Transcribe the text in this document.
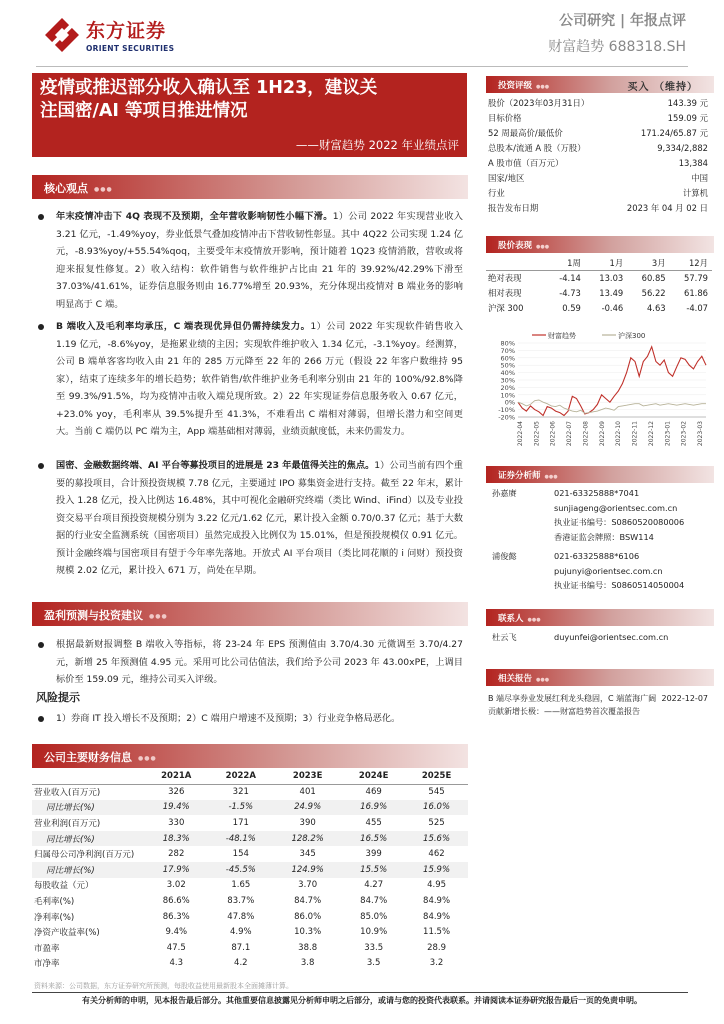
东方证券
ORIENT SECURITIES
公司研究 | 年报点评
财富趋势 688318.SH
疫情或推迟部分收入确认至 1H23，建议关
注国密/AI 等项目推进情况
——财富趋势 2022 年业绩点评
核心观点 ●●●
年末疫情冲击下 4Q 表现不及预期，全年营收影响韧性小幅下滑。1）公司 2022 年实现营业收入 3.21 亿元，-1.49%yoy，券业低景气叠加疫情冲击下营收韧性彰显。其中 4Q22 公司实现 1.24 亿元，-8.93%yoy/+55.54%qoq，主要受年末疫情放开影响，预计随着 1Q23 疫情消散，营收或将迎来报复性修复。2）收入结构：软件销售与软件维护占比由 21 年的 39.92%/42.29%下滑至 37.03%/41.61%，证券信息服务则由 16.77%增至 20.93%，充分体现出疫情对 B 端业务的影响明显高于 C 端。
B 端收入及毛利率均承压，C 端表现优异但仍需持续发力。1）公司 2022 年实现软件销售收入 1.19 亿元，-8.6%yoy，是拖累业绩的主因；实现软件维护收入 1.34 亿元，-3.1%yoy。经测算，公司 B 端单客客均收入由 21 年的 285 万元降至 22 年的 266 万元（假设 22 年客户数维持 95 家），结束了连续多年的增长趋势；软件销售/软件维护业务毛利率分别由 21 年的 100%/92.8%降至 99.3%/91.5%，均为疫情冲击收入端兑现所致。2）22 年实现证券信息服务收入 0.67 亿元，+23.0% yoy，毛利率从 39.5%提升至 41.3%，不难看出 C 端相对薄弱，但增长潜力和空间更大。当前 C 端仍以 PC 端为主，App 端基础相对薄弱，业绩贡献度低，未来仍需发力。
国密、金融数据终端、AI 平台等募投项目的进展是 23 年最值得关注的焦点。1）公司当前有四个重要的募投项目，合计预投资规模 7.78 亿元，主要通过 IPO 募集资金进行支持。截至 22 年末，累计投入 1.28 亿元，投入比例达 16.48%，其中可视化金融研究终端（类比 Wind、iFind）以及专业投资交易平台项目预投资规模分别为 3.22 亿元/1.62 亿元，累计投入金额 0.70/0.37 亿元；基于大数据的行业安全监测系统（国密项目）虽然完成投入比例仅为 15.01%，但是预投规模仅 0.91 亿元。预计金融终端与国密项目有望于今年率先落地。开放式 AI 平台项目（类比同花顺的 i 问财）预投资规模 2.02 亿元，累计投入 671 万，尚处在早期。
盈利预测与投资建议 ●●●
根据最新财报调整 B 端收入等指标，将 23-24 年 EPS 预测值由 3.70/4.30 元微调至 3.70/4.27 元，新增 25 年预测值 4.95 元。采用可比公司估值法，我们给予公司 2023 年 43.00xPE，上调目标价至 159.09 元，维持公司买入评级。
风险提示
1）券商 IT 投入增长不及预期；2）C 端用户增速不及预期；3）行业竞争格局恶化。
公司主要财务信息 ●●●
	2021A	2022A	2023E	2024E	2025E
营业收入(百万元)	326	321	401	469	545
同比增长(%)	19.4%	-1.5%	24.9%	16.9%	16.0%
营业利润(百万元)	330	171	390	455	525
同比增长(%)	18.3%	-48.1%	128.2%	16.5%	15.6%
归属母公司净利润(百万元)	282	154	345	399	462
同比增长(%)	17.9%	-45.5%	124.9%	15.5%	15.9%
每股收益（元）	3.02	1.65	3.70	4.27	4.95
毛利率(%)	86.6%	83.7%	84.7%	84.7%	84.9%
净利率(%)	86.3%	47.8%	86.0%	85.0%	84.9%
净资产收益率(%)	9.4%	4.9%	10.3%	10.9%	11.5%
市盈率	47.5	87.1	38.8	33.5	28.9
市净率	4.3	4.2	3.8	3.5	3.2
资料来源：公司数据，东方证券研究所预测，每股收益使用最新股本全面摊薄计算。
有关分析师的申明，见本报告最后部分。其他重要信息披露见分析师申明之后部分，或请与您的投资代表联系。并请阅读本证券研究报告最后一页的免责申明。
投资评级 ●●●	买入 （维持）
股价（2023年03月31日）	143.39 元
目标价格	159.09 元
52 周最高价/最低价	171.24/65.87 元
总股本/流通 A 股（万股）	9,334/2,882
A 股市值（百万元）	13,384
国家/地区	中国
行业	计算机
报告发布日期	2023 年 04 月 02 日
股价表现 ●●●
	1周	1月	3月	12月
绝对表现	-4.14	13.03	60.85	57.79
相对表现	-4.73	13.49	56.22	61.86
沪深 300	0.59	-0.46	4.63	-4.07
-20%
-10%
0%
10%
20%
30%
40%
50%
60%
70%
80%
2022-04 2022-05 2022-06 2022-07 2022-08 2022-09 2022-10 2022-11 2022-12 2023-01 2023-02 2023-03
财富趋势	沪深300
证券分析师 ●●●
孙嘉赓	021-63325888*7041
sunjiageng@orientsec.com.cn
执业证书编号：S0860520080006
香港证监会牌照：BSW114
浦俊懿	021-63325888*6106
pujunyi@orientsec.com.cn
执业证书编号：S0860514050004
联系人 ●●●
杜云飞	duyunfei@orientsec.com.cn
相关报告 ●●●
B 端尽享券业发展红利龙头稳固，C 端蓝海广阔贡献新增长极：——财富趋势首次覆盖报告
2022-12-07
